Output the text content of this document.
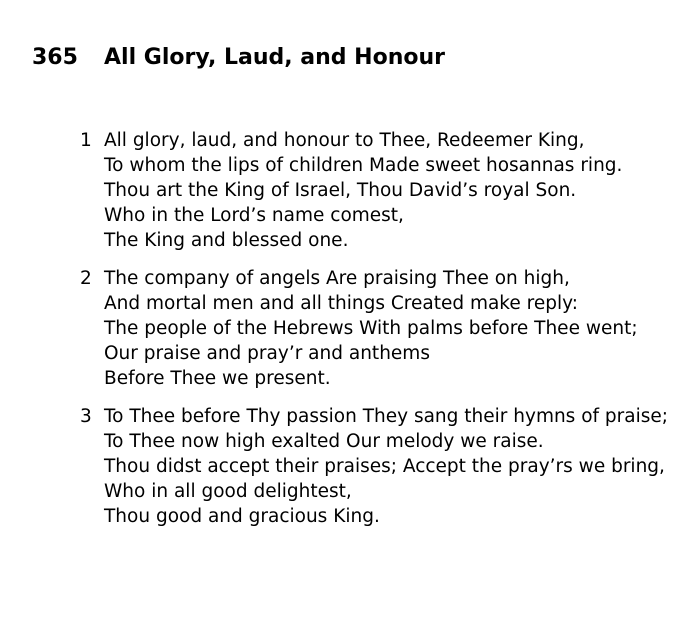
365 All Glory, Laud, and Honour
1 All glory, laud, and honour to Thee, Redeemer King,
To whom the lips of children Made sweet hosannas ring.
Thou art the King of Israel, Thou David’s royal Son.
Who in the Lord’s name comest,
The King and blessed one.
2 The company of angels Are praising Thee on high,
And mortal men and all things Created make reply:
The people of the Hebrews With palms before Thee went;
Our praise and pray’r and anthems
Before Thee we present.
3 To Thee before Thy passion They sang their hymns of praise;
To Thee now high exalted Our melody we raise.
Thou didst accept their praises; Accept the pray’rs we bring,
Who in all good delightest,
Thou good and gracious King.
